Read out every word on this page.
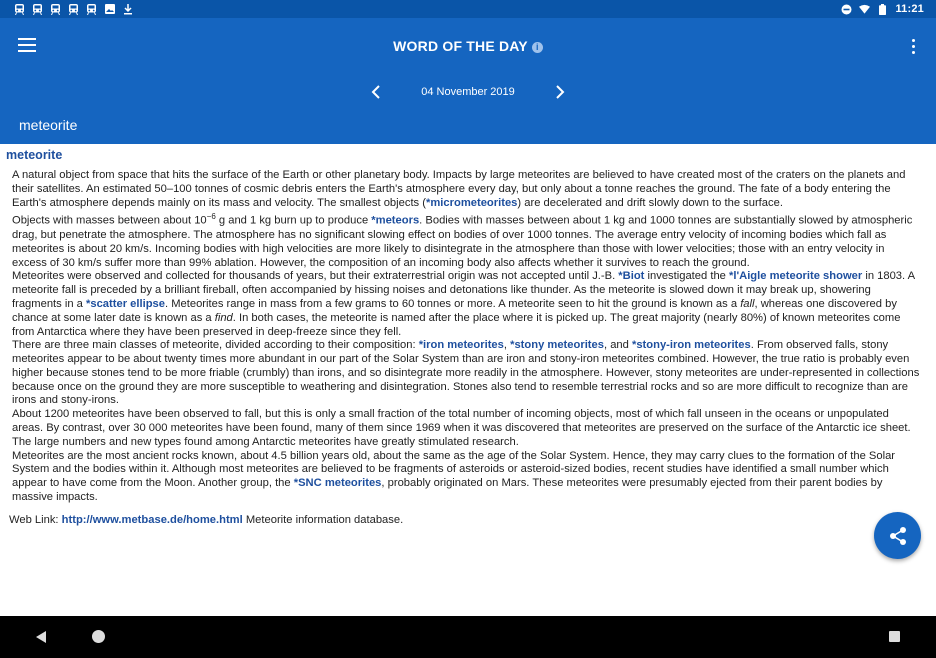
11:21
WORD OF THE DAY i
04 November 2019
meteorite
meteorite

A natural object from space that hits the surface of the Earth or other planetary body. Impacts by large meteorites are believed to have created most of the craters on the planets and their satellites. An estimated 50–100 tonnes of cosmic debris enters the Earth's atmosphere every day, but only about a tonne reaches the ground. The fate of a body entering the Earth's atmosphere depends mainly on its mass and velocity. The smallest objects (*micrometeorites) are decelerated and drift slowly down to the surface.

Objects with masses between about $10^{-6}$ g and 1 kg burn up to produce *meteors. Bodies with masses between about 1 kg and 1000 tonnes are substantially slowed by atmospheric drag, but penetrate the atmosphere. The atmosphere has no significant slowing effect on bodies of over 1000 tonnes. The average entry velocity of incoming bodies which fall as meteorites is about 20 km/s. Incoming bodies with high velocities are more likely to disintegrate in the atmosphere than those with lower velocities; those with an entry velocity in excess of 30 km/s suffer more than 99% ablation. However, the composition of an incoming body also affects whether it survives to reach the ground.

Meteorites were observed and collected for thousands of years, but their extraterrestrial origin was not accepted until J.-B. *Biot investigated the *l'Aigle meteorite shower in 1803. A meteorite fall is preceded by a brilliant fireball, often accompanied by hissing noises and detonations like thunder. As the meteorite is slowed down it may break up, showering fragments in a *scatter ellipse. Meteorites range in mass from a few grams to 60 tonnes or more. A meteorite seen to hit the ground is known as a fall, whereas one discovered by chance at some later date is known as a find. In both cases, the meteorite is named after the place where it is picked up. The great majority (nearly 80%) of known meteorites come from Antarctica where they have been preserved in deep-freeze since they fell.

There are three main classes of meteorite, divided according to their composition: *iron meteorites, *stony meteorites, and *stony-iron meteorites. From observed falls, stony meteorites appear to be about twenty times more abundant in our part of the Solar System than are iron and stony-iron meteorites combined. However, the true ratio is probably even higher because stones tend to be more friable (crumbly) than irons, and so disintegrate more readily in the atmosphere. However, stony meteorites are under-represented in collections because once on the ground they are more susceptible to weathering and disintegration. Stones also tend to resemble terrestrial rocks and so are more difficult to recognize than are irons and stony-irons.

About 1200 meteorites have been observed to fall, but this is only a small fraction of the total number of incoming objects, most of which fall unseen in the oceans or unpopulated areas. By contrast, over 30 000 meteorites have been found, many of them since 1969 when it was discovered that meteorites are preserved on the surface of the Antarctic ice sheet. The large numbers and new types found among Antarctic meteorites have greatly stimulated research.

Meteorites are the most ancient rocks known, about 4.5 billion years old, about the same as the age of the Solar System. Hence, they may carry clues to the formation of the Solar System and the bodies within it. Although most meteorites are believed to be fragments of asteroids or asteroid-sized bodies, recent studies have identified a small number which appear to have come from the Moon. Another group, the *SNC meteorites, probably originated on Mars. These meteorites were presumably ejected from their parent bodies by massive impacts.

Web Link: http://www.metbase.de/home.html Meteorite information database.
